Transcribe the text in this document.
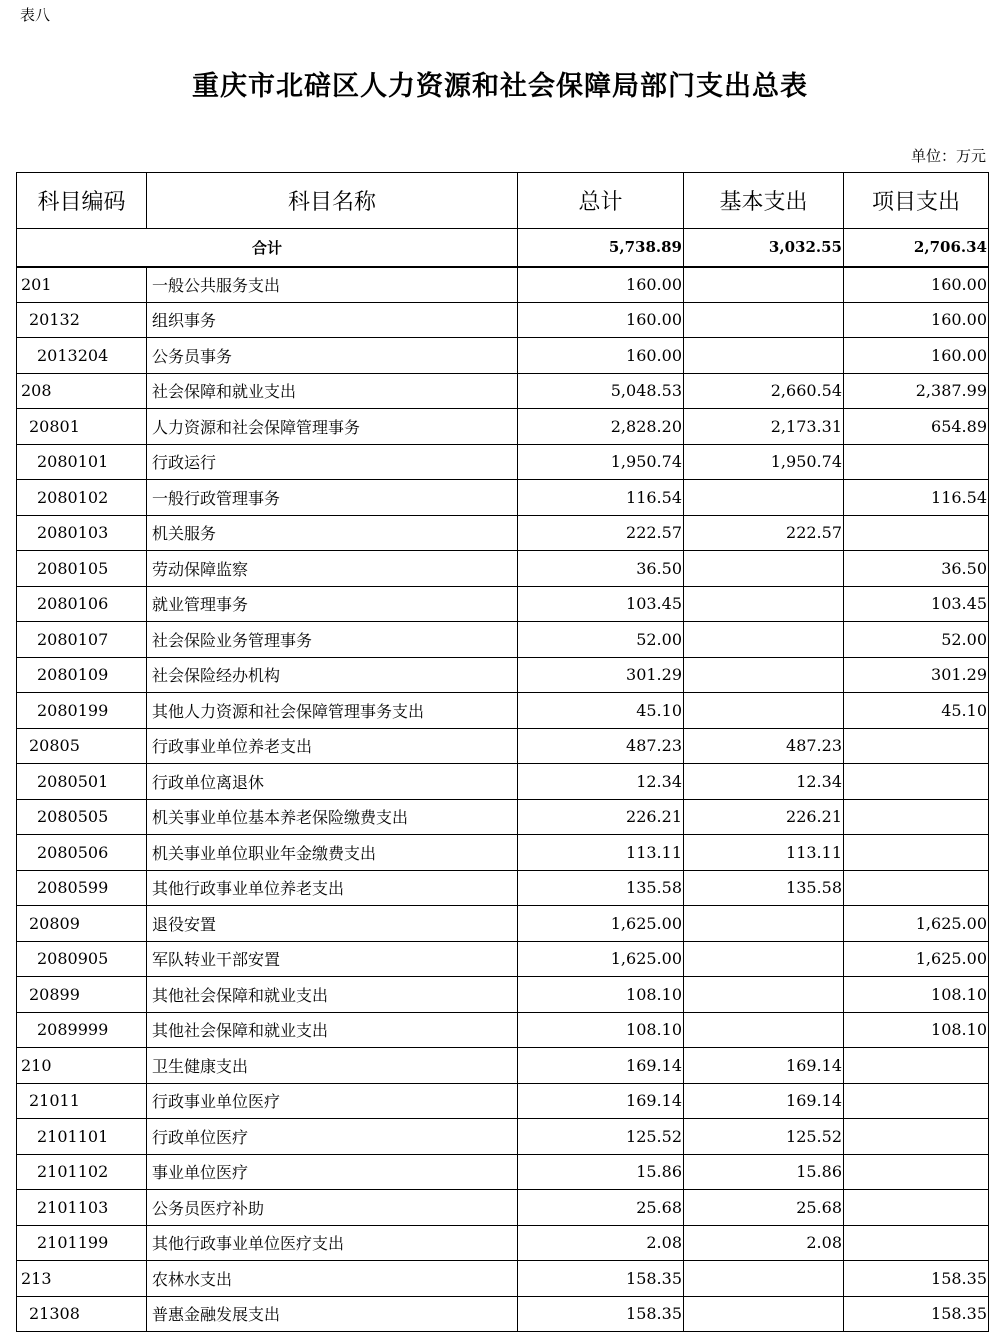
表八
重庆市北碚区人力资源和社会保障局部门支出总表
单位：万元
科目编码	科目名称	总计	基本支出	项目支出
合计		5,738.89	3,032.55	2,706.34
201	一般公共服务支出	160.00		160.00
20132	组织事务	160.00		160.00
2013204	公务员事务	160.00		160.00
208	社会保障和就业支出	5,048.53	2,660.54	2,387.99
20801	人力资源和社会保障管理事务	2,828.20	2,173.31	654.89
2080101	行政运行	1,950.74	1,950.74	
2080102	一般行政管理事务	116.54		116.54
2080103	机关服务	222.57	222.57	
2080105	劳动保障监察	36.50		36.50
2080106	就业管理事务	103.45		103.45
2080107	社会保险业务管理事务	52.00		52.00
2080109	社会保险经办机构	301.29		301.29
2080199	其他人力资源和社会保障管理事务支出	45.10		45.10
20805	行政事业单位养老支出	487.23	487.23	
2080501	行政单位离退休	12.34	12.34	
2080505	机关事业单位基本养老保险缴费支出	226.21	226.21	
2080506	机关事业单位职业年金缴费支出	113.11	113.11	
2080599	其他行政事业单位养老支出	135.58	135.58	
20809	退役安置	1,625.00		1,625.00
2080905	军队转业干部安置	1,625.00		1,625.00
20899	其他社会保障和就业支出	108.10		108.10
2089999	其他社会保障和就业支出	108.10		108.10
210	卫生健康支出	169.14	169.14	
21011	行政事业单位医疗	169.14	169.14	
2101101	行政单位医疗	125.52	125.52	
2101102	事业单位医疗	15.86	15.86	
2101103	公务员医疗补助	25.68	25.68	
2101199	其他行政事业单位医疗支出	2.08	2.08	
213	农林水支出	158.35		158.35
21308	普惠金融发展支出	158.35		158.35
